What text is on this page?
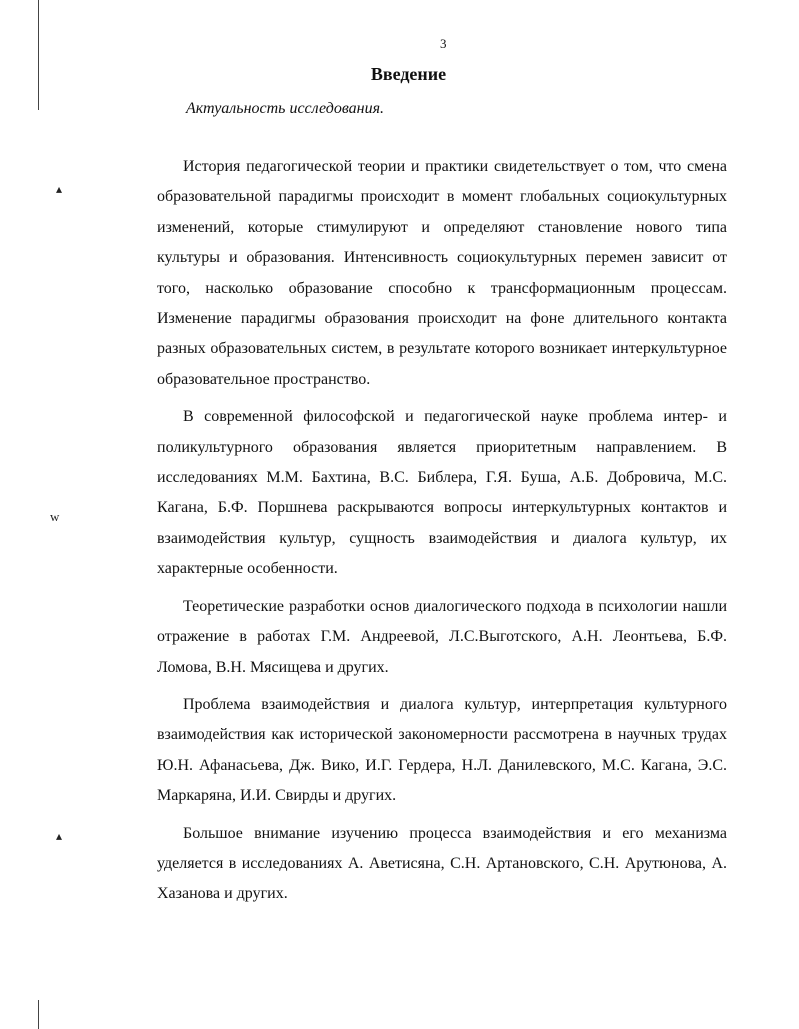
▴
ᴡ
▴
3
Введение
Актуальность исследования.

История педагогической теории и практики свидетельствует о том, что смена образовательной парадигмы происходит в момент глобальных социокультурных изменений, которые стимулируют и определяют становление нового типа культуры и образования. Интенсивность социокультурных перемен зависит от того, насколько образование способно к трансформационным процессам. Изменение парадигмы образования происходит на фоне длительного контакта разных образовательных систем, в результате которого возникает интеркультурное образовательное пространство.

В современной философской и педагогической науке проблема интер- и поликультурного образования является приоритетным направлением. В исследованиях М.М. Бахтина, В.С. Библера, Г.Я. Буша, А.Б. Добровича, М.С. Кагана, Б.Ф. Поршнева раскрываются вопросы интеркультурных контактов и взаимодействия культур, сущность взаимодействия и диалога культур, их характерные особенности.

Теоретические разработки основ диалогического подхода в психологии нашли отражение в работах Г.М. Андреевой, Л.С.Выготского, А.Н. Леонтьева, Б.Ф. Ломова, В.Н. Мясищева и других.

Проблема взаимодействия и диалога культур, интерпретация культурного взаимодействия как исторической закономерности рассмотрена в научных трудах Ю.Н. Афанасьева, Дж. Вико, И.Г. Гердера, Н.Л. Данилевского, М.С. Кагана, Э.С. Маркаряна, И.И. Свирды и других.

Большое внимание изучению процесса взаимодействия и его механизма уделяется в исследованиях А. Аветисяна, С.Н. Артановского, С.Н. Арутюнова, А. Хазанова и других.
